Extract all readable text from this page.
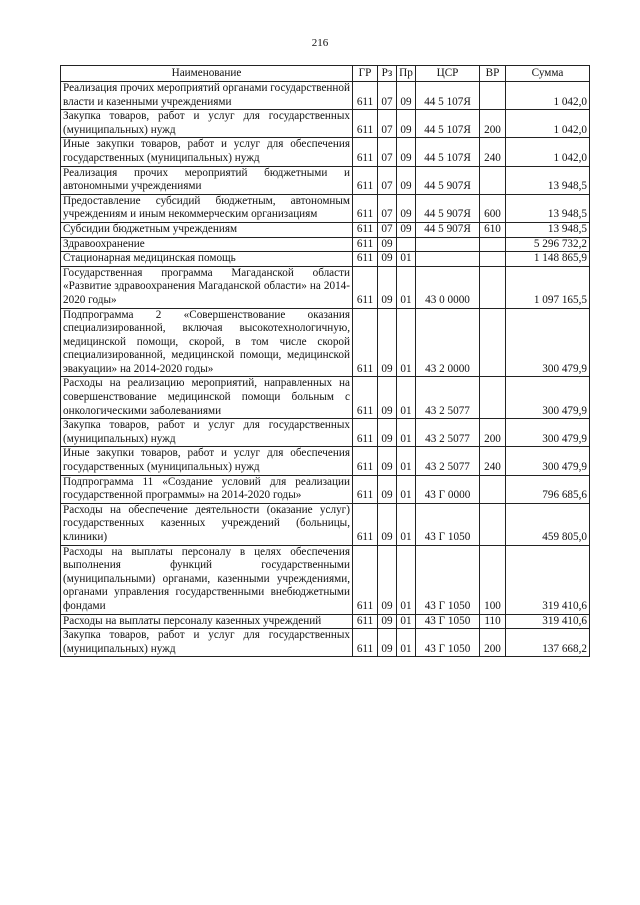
216
Наименование	ГР	Рз	Пр	ЦСР	ВР	Сумма
Реализация прочих мероприятий органами государственной власти и казенными учреждениями	611	07	09	44 5 107Я		1 042,0
Закупка товаров, работ и услуг для государственных (муниципальных) нужд	611	07	09	44 5 107Я	200	1 042,0
Иные закупки товаров, работ и услуг для обеспечения государственных (муниципальных) нужд	611	07	09	44 5 107Я	240	1 042,0
Реализация прочих мероприятий бюджетными и автономными учреждениями	611	07	09	44 5 907Я		13 948,5
Предоставление субсидий бюджетным, автономным учреждениям и иным некоммерческим организациям	611	07	09	44 5 907Я	600	13 948,5
Субсидии бюджетным учреждениям	611	07	09	44 5 907Я	610	13 948,5
Здравоохранение	611	09				5 296 732,2
Стационарная медицинская помощь	611	09	01			1 148 865,9
Государственная программа Магаданской области «Развитие здравоохранения Магаданской области» на 2014-2020 годы»	611	09	01	43 0 0000		1 097 165,5
Подпрограмма 2 «Совершенствование оказания специализированной, включая высокотехнологичную, медицинской помощи, скорой, в том числе скорой специализированной, медицинской помощи, медицинской эвакуации» на 2014-2020 годы»	611	09	01	43 2 0000		300 479,9
Расходы на реализацию мероприятий, направленных на совершенствование медицинской помощи больным с онкологическими заболеваниями	611	09	01	43 2 5077		300 479,9
Закупка товаров, работ и услуг для государственных (муниципальных) нужд	611	09	01	43 2 5077	200	300 479,9
Иные закупки товаров, работ и услуг для обеспечения государственных (муниципальных) нужд	611	09	01	43 2 5077	240	300 479,9
Подпрограмма 11 «Создание условий для реализации государственной программы» на 2014-2020 годы»	611	09	01	43 Г 0000		796 685,6
Расходы на обеспечение деятельности (оказание услуг) государственных казенных учреждений (больницы, клиники)	611	09	01	43 Г 1050		459 805,0
Расходы на выплаты персоналу в целях обеспечения выполнения функций государственными (муниципальными) органами, казенными учреждениями, органами управления государственными внебюджетными фондами	611	09	01	43 Г 1050	100	319 410,6
Расходы на выплаты персоналу казенных учреждений	611	09	01	43 Г 1050	110	319 410,6
Закупка товаров, работ и услуг для государственных (муниципальных) нужд	611	09	01	43 Г 1050	200	137 668,2
